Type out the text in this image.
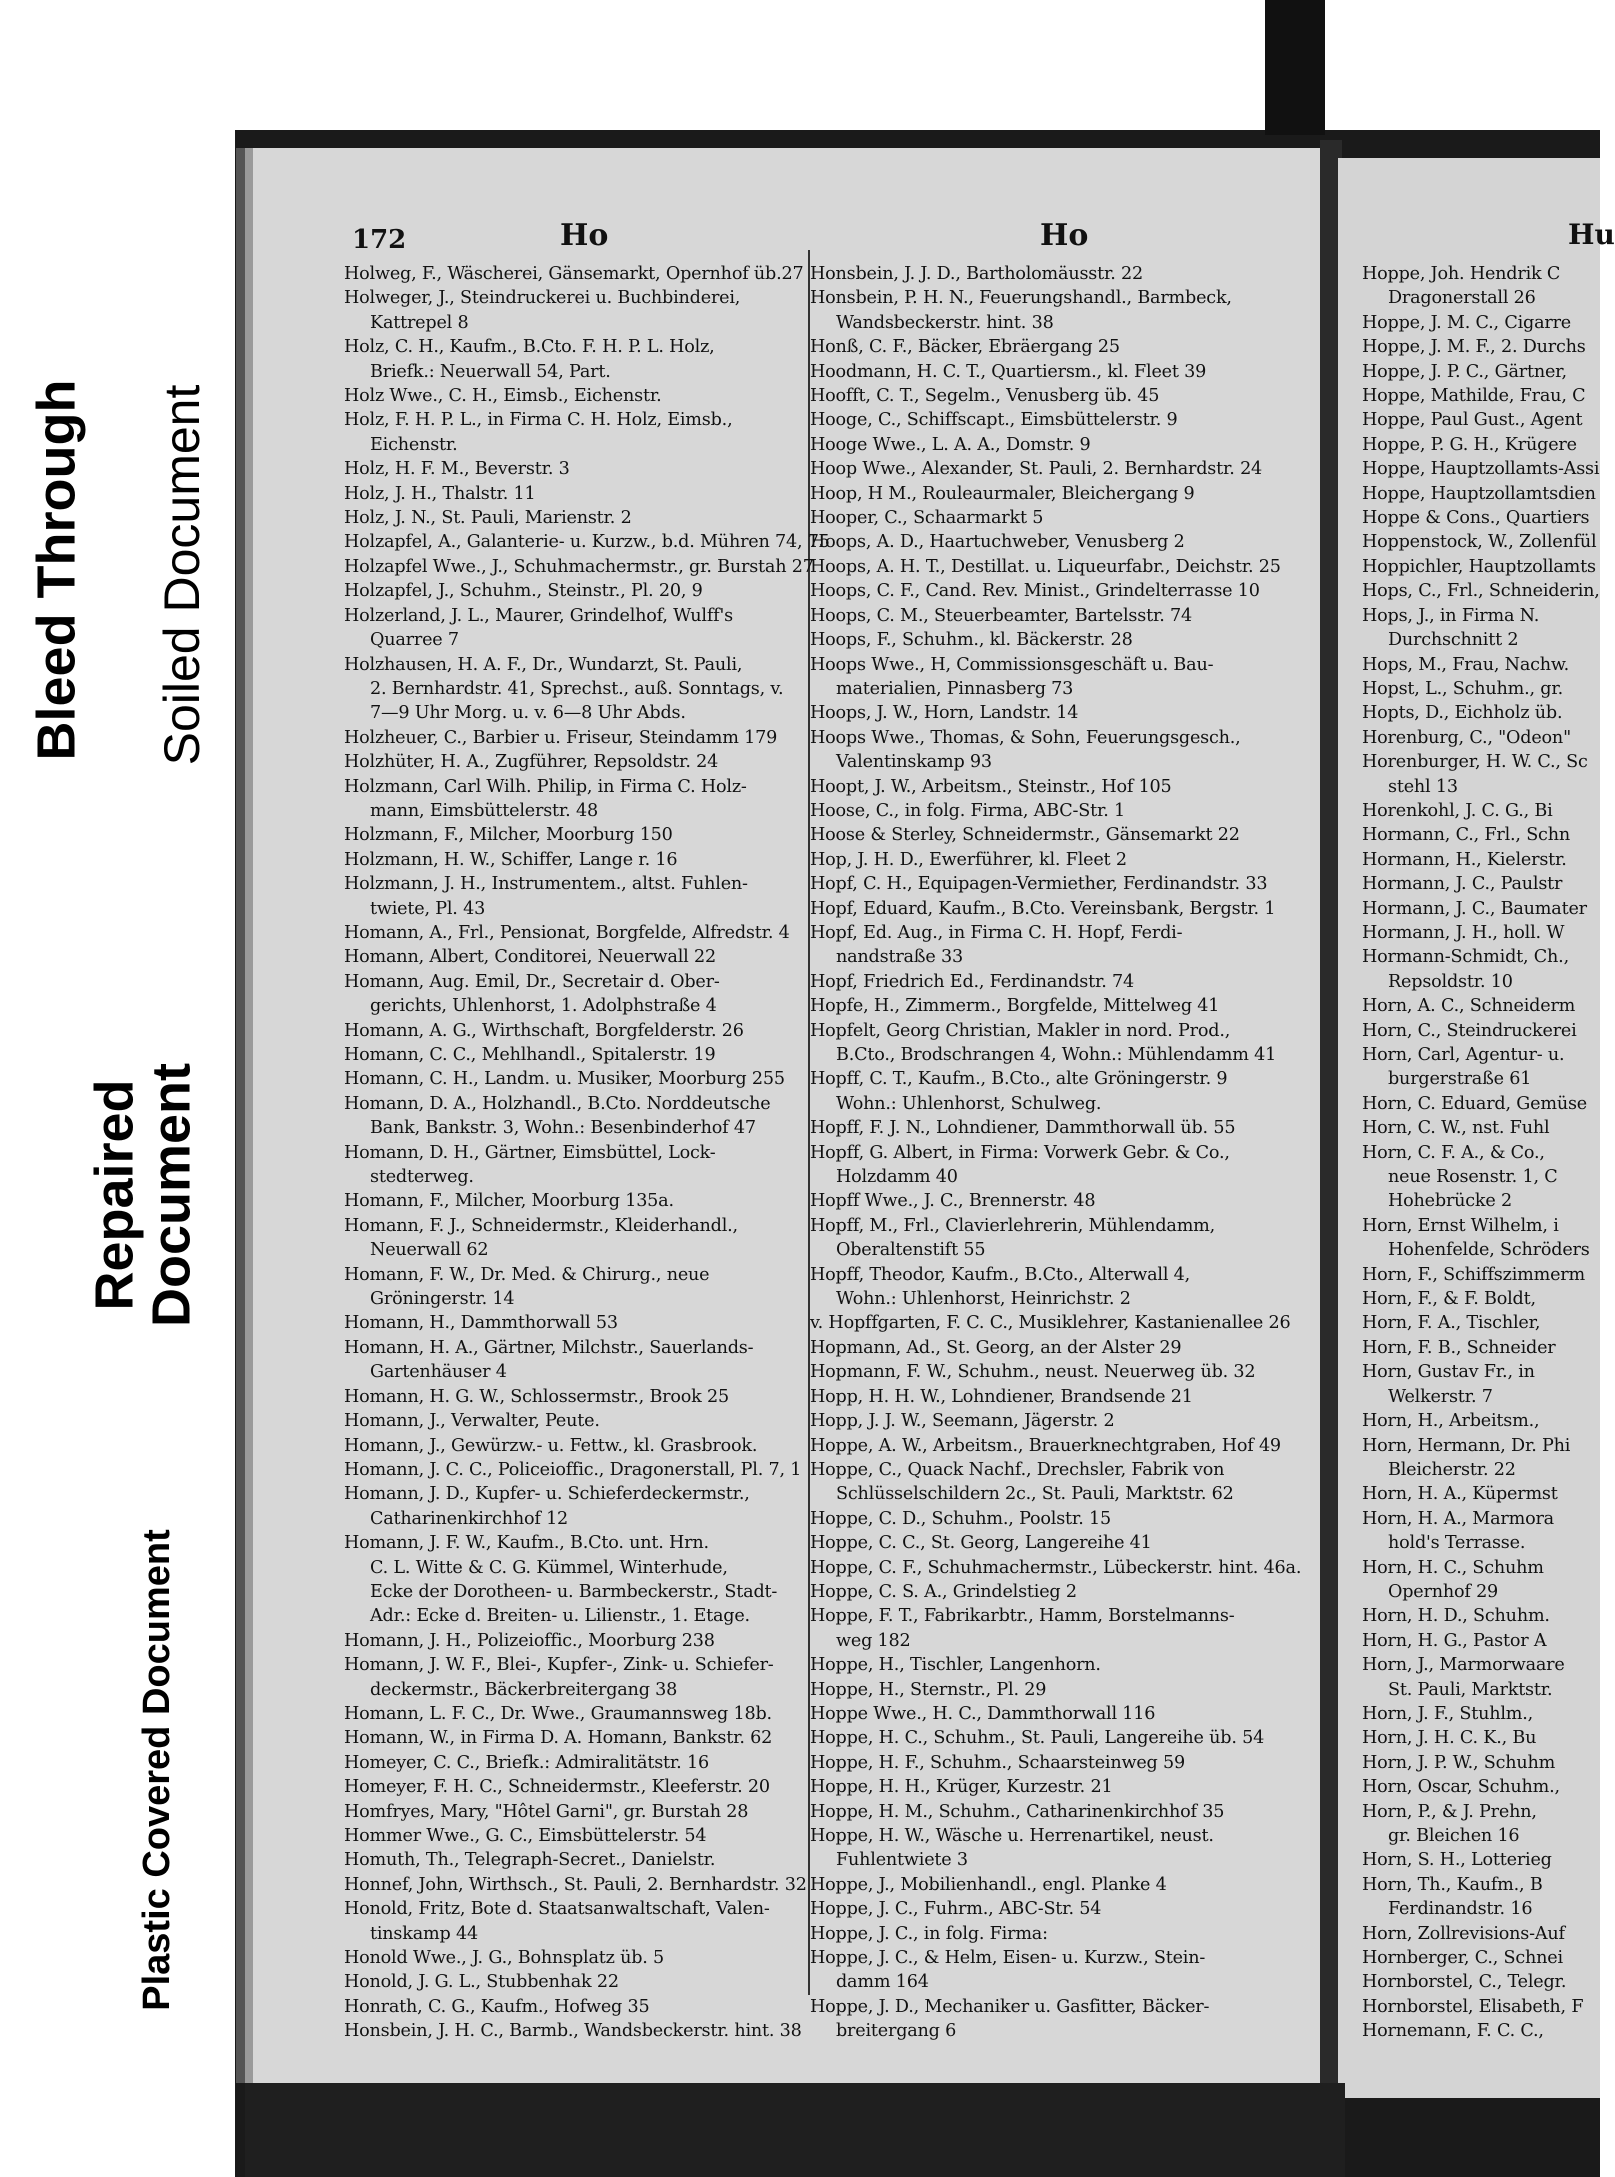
Bleed Through Soiled Document
Repaired Document
Plastic Covered Document
Hu
172	Ho	Ho
Holweg, F., Wäscherei, Gänsemarkt, Opernhof üb.27
Holweger, J., Steindruckerei u. Buchbinderei,
Kattrepel 8
Holz, C. H., Kaufm., B.Cto. F. H. P. L. Holz,
Briefk.: Neuerwall 54, Part.
Holz Wwe., C. H., Eimsb., Eichenstr.
Holz, F. H. P. L., in Firma C. H. Holz, Eimsb.,
Eichenstr.
Holz, H. F. M., Beverstr. 3
Holz, J. H., Thalstr. 11
Holz, J. N., St. Pauli, Marienstr. 2
Holzapfel, A., Galanterie- u. Kurzw., b.d. Mühren 74, 75
Holzapfel Wwe., J., Schuhmachermstr., gr. Burstah 27
Holzapfel, J., Schuhm., Steinstr., Pl. 20, 9
Holzerland, J. L., Maurer, Grindelhof, Wulff's
Quarree 7
Holzhausen, H. A. F., Dr., Wundarzt, St. Pauli,
2. Bernhardstr. 41, Sprechst., auß. Sonntags, v.
7—9 Uhr Morg. u. v. 6—8 Uhr Abds.
Holzheuer, C., Barbier u. Friseur, Steindamm 179
Holzhüter, H. A., Zugführer, Repsoldstr. 24
Holzmann, Carl Wilh. Philip, in Firma C. Holz-
mann, Eimsbüttelerstr. 48
Holzmann, F., Milcher, Moorburg 150
Holzmann, H. W., Schiffer, Lange r. 16
Holzmann, J. H., Instrumentem., altst. Fuhlen-
twiete, Pl. 43
Homann, A., Frl., Pensionat, Borgfelde, Alfredstr. 4
Homann, Albert, Conditorei, Neuerwall 22
Homann, Aug. Emil, Dr., Secretair d. Ober-
gerichts, Uhlenhorst, 1. Adolphstraße 4
Homann, A. G., Wirthschaft, Borgfelderstr. 26
Homann, C. C., Mehlhandl., Spitalerstr. 19
Homann, C. H., Landm. u. Musiker, Moorburg 255
Homann, D. A., Holzhandl., B.Cto. Norddeutsche
Bank, Bankstr. 3, Wohn.: Besenbinderhof 47
Homann, D. H., Gärtner, Eimsbüttel, Lock-
stedterweg.
Homann, F., Milcher, Moorburg 135a.
Homann, F. J., Schneidermstr., Kleiderhandl.,
Neuerwall 62
Homann, F. W., Dr. Med. & Chirurg., neue
Gröningerstr. 14
Homann, H., Dammthorwall 53
Homann, H. A., Gärtner, Milchstr., Sauerlands-
Gartenhäuser 4
Homann, H. G. W., Schlossermstr., Brook 25
Homann, J., Verwalter, Peute.
Homann, J., Gewürzw.- u. Fettw., kl. Grasbrook.
Homann, J. C. C., Policeioffic., Dragonerstall, Pl. 7, 1
Homann, J. D., Kupfer- u. Schieferdeckermstr.,
Catharinenkirchhof 12
Homann, J. F. W., Kaufm., B.Cto. unt. Hrn.
C. L. Witte & C. G. Kümmel, Winterhude,
Ecke der Dorotheen- u. Barmbeckerstr., Stadt-
Adr.: Ecke d. Breiten- u. Lilienstr., 1. Etage.
Homann, J. H., Polizeioffic., Moorburg 238
Homann, J. W. F., Blei-, Kupfer-, Zink- u. Schiefer-
deckermstr., Bäckerbreitergang 38
Homann, L. F. C., Dr. Wwe., Graumannsweg 18b.
Homann, W., in Firma D. A. Homann, Bankstr. 62
Homeyer, C. C., Briefk.: Admiralitätstr. 16
Homeyer, F. H. C., Schneidermstr., Kleeferstr. 20
Homfryes, Mary, "Hôtel Garni", gr. Burstah 28
Hommer Wwe., G. C., Eimsbüttelerstr. 54
Homuth, Th., Telegraph-Secret., Danielstr.
Honnef, John, Wirthsch., St. Pauli, 2. Bernhardstr. 32
Honold, Fritz, Bote d. Staatsanwaltschaft, Valen-
tinskamp 44
Honold Wwe., J. G., Bohnsplatz üb. 5
Honold, J. G. L., Stubbenhak 22
Honrath, C. G., Kaufm., Hofweg 35
Honsbein, J. H. C., Barmb., Wandsbeckerstr. hint. 38
Honsbein, J. J. D., Bartholomäusstr. 22
Honsbein, P. H. N., Feuerungshandl., Barmbeck,
Wandsbeckerstr. hint. 38
Honß, C. F., Bäcker, Ebräergang 25
Hoodmann, H. C. T., Quartiersm., kl. Fleet 39
Hoofft, C. T., Segelm., Venusberg üb. 45
Hooge, C., Schiffscapt., Eimsbüttelerstr. 9
Hooge Wwe., L. A. A., Domstr. 9
Hoop Wwe., Alexander, St. Pauli, 2. Bernhardstr. 24
Hoop, H M., Rouleaurmaler, Bleichergang 9
Hooper, C., Schaarmarkt 5
Hoops, A. D., Haartuchweber, Venusberg 2
Hoops, A. H. T., Destillat. u. Liqueurfabr., Deichstr. 25
Hoops, C. F., Cand. Rev. Minist., Grindelterrasse 10
Hoops, C. M., Steuerbeamter, Bartelsstr. 74
Hoops, F., Schuhm., kl. Bäckerstr. 28
Hoops Wwe., H, Commissionsgeschäft u. Bau-
materialien, Pinnasberg 73
Hoops, J. W., Horn, Landstr. 14
Hoops Wwe., Thomas, & Sohn, Feuerungsgesch.,
Valentinskamp 93
Hoopt, J. W., Arbeitsm., Steinstr., Hof 105
Hoose, C., in folg. Firma, ABC-Str. 1
Hoose & Sterley, Schneidermstr., Gänsemarkt 22
Hop, J. H. D., Ewerführer, kl. Fleet 2
Hopf, C. H., Equipagen-Vermiether, Ferdinandstr. 33
Hopf, Eduard, Kaufm., B.Cto. Vereinsbank, Bergstr. 1
Hopf, Ed. Aug., in Firma C. H. Hopf, Ferdi-
nandstraße 33
Hopf, Friedrich Ed., Ferdinandstr. 74
Hopfe, H., Zimmerm., Borgfelde, Mittelweg 41
Hopfelt, Georg Christian, Makler in nord. Prod.,
B.Cto., Brodschrangen 4, Wohn.: Mühlendamm 41
Hopff, C. T., Kaufm., B.Cto., alte Gröningerstr. 9
Wohn.: Uhlenhorst, Schulweg.
Hopff, F. J. N., Lohndiener, Dammthorwall üb. 55
Hopff, G. Albert, in Firma: Vorwerk Gebr. & Co.,
Holzdamm 40
Hopff Wwe., J. C., Brennerstr. 48
Hopff, M., Frl., Clavierlehrerin, Mühlendamm,
Oberaltenstift 55
Hopff, Theodor, Kaufm., B.Cto., Alterwall 4,
Wohn.: Uhlenhorst, Heinrichstr. 2
v. Hopffgarten, F. C. C., Musiklehrer, Kastanienallee 26
Hopmann, Ad., St. Georg, an der Alster 29
Hopmann, F. W., Schuhm., neust. Neuerweg üb. 32
Hopp, H. H. W., Lohndiener, Brandsende 21
Hopp, J. J. W., Seemann, Jägerstr. 2
Hoppe, A. W., Arbeitsm., Brauerknechtgraben, Hof 49
Hoppe, C., Quack Nachf., Drechsler, Fabrik von
Schlüsselschildern 2c., St. Pauli, Marktstr. 62
Hoppe, C. D., Schuhm., Poolstr. 15
Hoppe, C. C., St. Georg, Langereihe 41
Hoppe, C. F., Schuhmachermstr., Lübeckerstr. hint. 46a.
Hoppe, C. S. A., Grindelstieg 2
Hoppe, F. T., Fabrikarbtr., Hamm, Borstelmanns-
weg 182
Hoppe, H., Tischler, Langenhorn.
Hoppe, H., Sternstr., Pl. 29
Hoppe Wwe., H. C., Dammthorwall 116
Hoppe, H. C., Schuhm., St. Pauli, Langereihe üb. 54
Hoppe, H. F., Schuhm., Schaarsteinweg 59
Hoppe, H. H., Krüger, Kurzestr. 21
Hoppe, H. M., Schuhm., Catharinenkirchhof 35
Hoppe, H. W., Wäsche u. Herrenartikel, neust.
Fuhlentwiete 3
Hoppe, J., Mobilienhandl., engl. Planke 4
Hoppe, J. C., Fuhrm., ABC-Str. 54
Hoppe, J. C., in folg. Firma:
Hoppe, J. C., & Helm, Eisen- u. Kurzw., Stein-
damm 164
Hoppe, J. D., Mechaniker u. Gasfitter, Bäcker-
breitergang 6
Hoppe, Joh. Hendrik C
Dragonerstall 26
Hoppe, J. M. C., Cigarre
Hoppe, J. M. F., 2. Durchs
Hoppe, J. P. C., Gärtner,
Hoppe, Mathilde, Frau, C
Hoppe, Paul Gust., Agent
Hoppe, P. G. H., Krügere
Hoppe, Hauptzollamts-Assi
Hoppe, Hauptzollamtsdien
Hoppe & Cons., Quartiers
Hoppenstock, W., Zollenfül
Hoppichler, Hauptzollamts
Hops, C., Frl., Schneiderin,
Hops, J., in Firma N.
Durchschnitt 2
Hops, M., Frau, Nachw.
Hopst, L., Schuhm., gr.
Hopts, D., Eichholz üb.
Horenburg, C., "Odeon"
Horenburger, H. W. C., Sc
stehl 13
Horenkohl, J. C. G., Bi
Hormann, C., Frl., Schn
Hormann, H., Kielerstr.
Hormann, J. C., Paulstr
Hormann, J. C., Baumater
Hormann, J. H., holl. W
Hormann-Schmidt, Ch.,
Repsoldstr. 10
Horn, A. C., Schneiderm
Horn, C., Steindruckerei
Horn, Carl, Agentur- u.
burgerstraße 61
Horn, C. Eduard, Gemüse
Horn, C. W., nst. Fuhl
Horn, C. F. A., & Co.,
neue Rosenstr. 1, C
Hohebrücke 2
Horn, Ernst Wilhelm, i
Hohenfelde, Schröders
Horn, F., Schiffszimmerm
Horn, F., & F. Boldt,
Horn, F. A., Tischler,
Horn, F. B., Schneider
Horn, Gustav Fr., in
Welkerstr. 7
Horn, H., Arbeitsm.,
Horn, Hermann, Dr. Phi
Bleicherstr. 22
Horn, H. A., Küpermst
Horn, H. A., Marmora
hold's Terrasse.
Horn, H. C., Schuhm
Opernhof 29
Horn, H. D., Schuhm.
Horn, H. G., Pastor A
Horn, J., Marmorwaare
St. Pauli, Marktstr.
Horn, J. F., Stuhlm.,
Horn, J. H. C. K., Bu
Horn, J. P. W., Schuhm
Horn, Oscar, Schuhm.,
Horn, P., & J. Prehn,
gr. Bleichen 16
Horn, S. H., Lotterieg
Horn, Th., Kaufm., B
Ferdinandstr. 16
Horn, Zollrevisions-Auf
Hornberger, C., Schnei
Hornborstel, C., Telegr.
Hornborstel, Elisabeth, F
Hornemann, F. C. C.,
